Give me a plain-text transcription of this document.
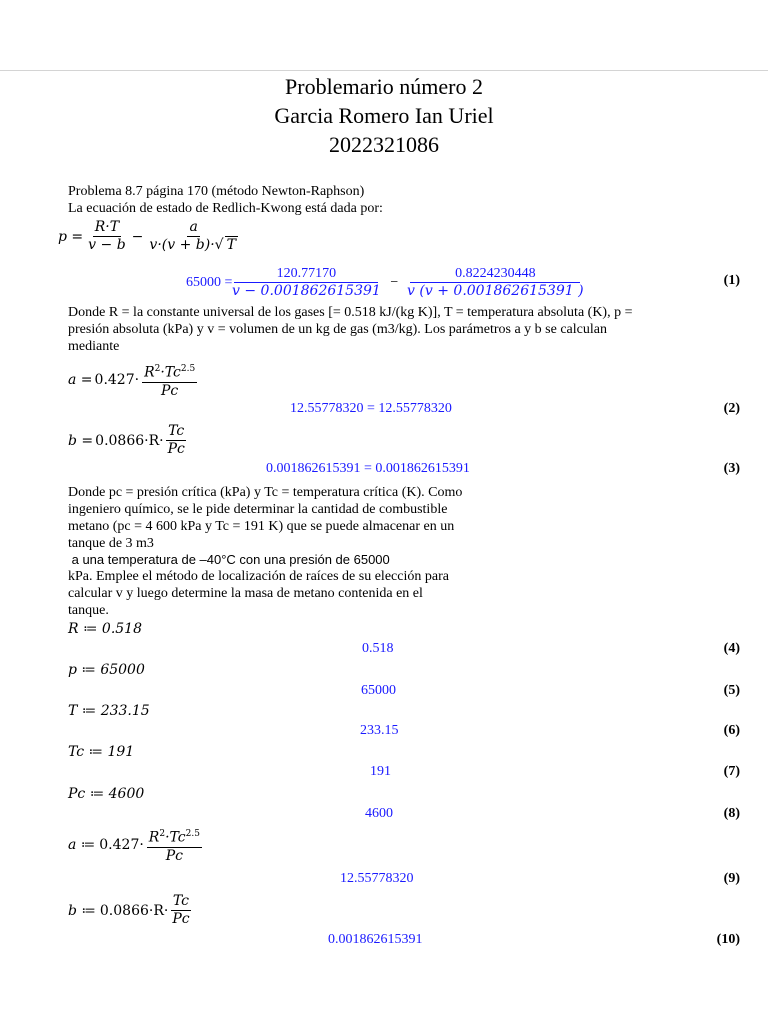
Problemario número 2
Garcia Romero Ian Uriel
2022321086
Problema 8.7 página 170 (método Newton-Raphson)
La ecuación de estado de Redlich-Kwong está dada por:
$p = \frac{R\cdot T}{v - b} - \frac{a}{v\cdot(v + b)\cdot√ T}$
$65000 = \frac{120.77170}{v - 0.001862615391}$	− $\frac{0.8224230448}{v (v + 0.001862615391 )}$	(1)
Donde R = la constante universal de los gases [= 0.518 kJ/(kg K)], T = temperatura absoluta (K), p =
presión absoluta (kPa) y v = volumen de un kg de gas (m3/kg). Los parámetros a y b se calculan
mediante
$a = 0.427\cdot \frac{R^2\cdot Tc^{2.5}}{Pc}$
12.55778320 = 12.55778320	(2)
$b = 0.0866\cdot R\cdot \frac{Tc}{Pc}$
0.001862615391 = 0.001862615391	(3)
Donde pc = presión crítica (kPa) y Tc = temperatura crítica (K). Como
ingeniero químico, se le pide determinar la cantidad de combustible
metano (pc = 4 600 kPa y Tc = 191 K) que se puede almacenar en un
tanque de 3 m3
a una temperatura de –40°C con una presión de 65000
kPa. Emplee el método de localización de raíces de su elección para
calcular v y luego determine la masa de metano contenida en el
tanque.
R ≔ 0.518
0.518	(4)
p ≔ 65000
65000	(5)
T ≔ 233.15
233.15	(6)
Tc ≔ 191
191	(7)
Pc ≔ 4600
4600	(8)
a ≔ $0.427\cdot \frac{R^2\cdot Tc^{2.5}}{Pc}$
12.55778320	(9)
b ≔ $0.0866\cdot R\cdot \frac{Tc}{Pc}$
0.001862615391	(10)
